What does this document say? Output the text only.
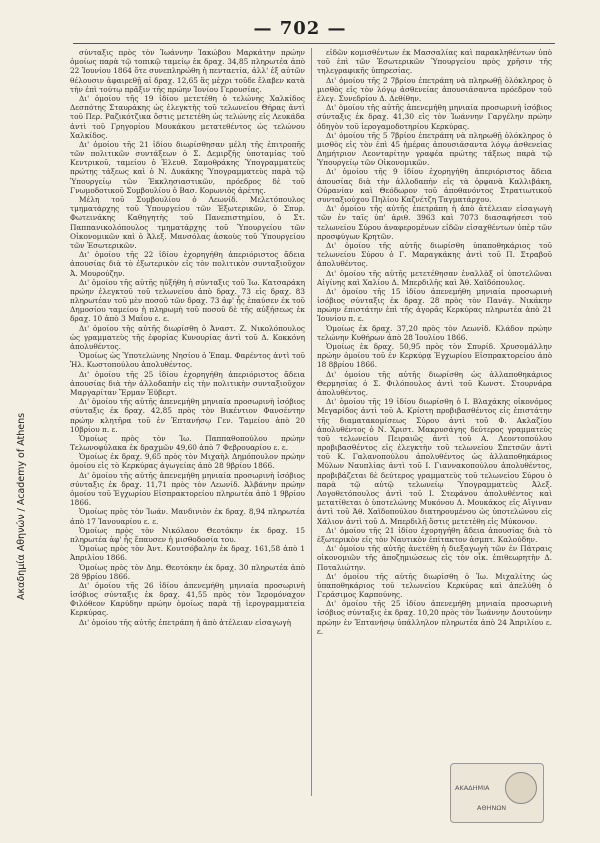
Ακαδημία Αθηνών / Academy of Athens
— 702 —

σύνταξις πρὸς τὸν Ἰωάννην Ἰακώβου Μαρκάτην πρώην ὁμοίως παρὰ τῷ τοπικῷ ταμείῳ ἐκ δραχ. 34,85 πληρωτέα ἀπὸ 22 Ἰουνίου 1864 ὅτε συνεπληρώθη ἡ πενταετία, ἀλλ' ἐξ αὐτῶν θέλουσιν ἀφαιρεθῇ αἱ δραχ. 12,65 ἃς μέχρι τοῦδε ἔλαβεν κατὰ τὴν ἐπὶ τούτῳ πρᾶξιν τῆς πρώην Ἰονίου Γερουσίας.

Δι' ὁμοίου τῆς 19 ἰδίου μετετέθη ὁ τελώνης Χαλκίδος Δεσπότης Σταυράκης ὡς ἐλεγκτὴς τοῦ τελωνείου Θήρας ἀντὶ τοῦ Περ. Ραζικότζικα ὅστις μετετέθη ὡς τελώνης εἰς Λευκάδα ἀντὶ τοῦ Γρηγορίου Μουκάκου μετατεθέντος ὡς τελώνου Χαλκίδος.

Δι' ὁμοίου τῆς 21 ἰδίου διωρίσθησαν μέλη τῆς ἐπιτροπῆς τῶν πολιτικῶν συντάξεων ὁ Σ. Δεμιρζῆς ὑποταμίας τοῦ Κεντρικοῦ, ταμείου ὁ Ἐλευθ. Σαμοθράκης Ὑπογραμματεὺς πρώτης τάξεως καὶ ὁ Ν. Δυκάκης Ὑπογραμματεὺς παρὰ τῷ Ὑπουργείῳ τῶν Ἐκκλησιαστικῶν, πρόεδρος δὲ τοῦ Γνωμοδοτικοῦ Συμβουλίου ὁ Βασ. Κορωνιὸς ἀρέτης.

Μέλη τοῦ Συμβουλίου ὁ Λεωνίδ. Μελετόπουλος τμηματάρχης τοῦ Ὑπουργείου τῶν Ἐξωτερικῶν, ὁ Σπυρ. Φωτεινάκης Καθηγητὴς τοῦ Πανεπιστημίου, ὁ Στ. Παππανικολόπουλος τμηματάρχης τοῦ Ὑπουργείου τῶν Οἰκονομικῶν καὶ ὁ Ἀλεξ. Μανσόλας ἀσκοὺς τοῦ Ὑπουργείου τῶν Ἐσωτερικῶν.

Δι' ὁμοίου τῆς 22 ἰδίου ἐχορηγήθη ἀπεριόριστος ἄδεια ἀπουσίας διὰ τὸ ἐξωτερικὸν εἰς τὸν πολιτικὸν συνταξιοῦχον Ἀ. Μουρούζην.

Δι' ὁμοίου τῆς αὐτῆς ηὐξήθη ἡ σύνταξις τοῦ Ἰω. Κατσαράκη πρώην ἐλεγκτοῦ τοῦ τελωνείου ἀπὸ δραχ. 73 εἰς δραχ. 83 πληρωτέαν τοῦ μὲν ποσοῦ τῶν δραχ. 73 ἀφ' ἧς ἐπαύσεν ἐκ τοῦ Δημοσίου ταμείου ἡ πληρωμὴ τοῦ ποσοῦ δὲ τῆς αὐξήσεως ἐκ δραχ. 10 ἀπὸ 3 Μαΐου ε. ε.

Δι' ὁμοίου τῆς αὐτῆς διωρίσθη ὁ Ἀναστ. Ζ. Νικολόπουλος ὡς γραμματεὺς τῆς ἐφορίας Κυνουρίας ἀντὶ τοῦ Δ. Κοκκόνη ἀπολυθέντος.

Ὁμοίως ὡς Ὑποτελώνης Νησίου ὁ Ἐπαμ. Φαρέντος ἀντὶ τοῦ Ἠλ. Κωστοπούλου ἀπολυθέντος.

Δι' ὁμοίου τῆς 25 ἰδίου ἐχορηγήθη ἀπεριόριστος ἄδεια ἀπουσίας διὰ τὴν ἀλλοδαπὴν εἰς τὴν πολιτικὴν συνταξιοῦχον Μαργαρίταν Ἔρμαν Ἐϋβερτ.

Δι' ὁμοίου τῆς αὐτῆς ἀπενεμήθη μηνιαία προσωρινὴ ἰσόβιος σύνταξις ἐκ δραχ. 42,85 πρὸς τὸν Βικέντιον Φανσέντην πρώην κλητῆρα τοῦ ἐν Ἐπτανήσῳ Γεν. Ταμείου ἀπὸ 20 10βρίου π. ε.

Ὁμοίως πρὸς τὸν Ἰω. Παππαθοπούλου πρώην Τελωνοφύλακα ἐκ δραχμῶν 49,60 ἀπὸ 7 Φεβρουαρίου ε. ε.

Ὁμοίως ἐκ δραχ. 9,65 πρὸς τὸν Μιχαὴλ Δημόπουλον πρώην ὁμοίου εἰς τὸ Κερκύρας ἀγωγείας ἀπὸ 28 9βρίου 1866.

Δι' ὁμοίου τῆς αὐτῆς ἀπενεμήθη μηνιαία προσωρινὴ ἰσόβιος σύνταξις ἐκ δραχ. 11,71 πρὸς τὸν Λεωνίδ. Ἀλβάνην πρώην ὁμοίου τοῦ Ἐγχωρίου Εἰσπρακτορείου πληρωτέα ἀπὸ 1 9βρίου 1866.

Ὁμοίως πρὸς τὸν Ἰωάν. Μανδινιὸν ἐκ δραχ. 8,94 πληρωτέα ἀπὸ 17 Ἰανουαρίου ε. ε.

Ὁμοίως πρὸς τὸν Νικόλαον Θεοτόκην ἐκ δραχ. 15 πληρωτέα ἀφ' ἧς ἔπαυσεν ἡ μισθοδοσία του.

Ὁμοίως πρὸς τὸν Ἀντ. Κουτσόβαλην ἐκ δραχ. 161,58 ἀπὸ 1 Ἀπριλίου 1866.

Ὁμοίως πρὸς τὸν Δημ. Θεοτόκην ἐκ δραχ. 30 πληρωτέα ἀπὸ 28 9βρίου 1866.

Δι' ὁμοίου τῆς 26 ἰδίου ἀπενεμήθη μηνιαία προσωρινὴ ἰσόβιος σύνταξις ἐκ δραχ. 41,55 πρὸς τὸν Ἱερομόναχον Φιλόθεον Καρύδην πρώην ὁμοίως παρὰ τῇ ἱερογραμματεία Κερκύρας.

Δι' ὁμοίου τῆς αὐτῆς ἐπετράπη ἡ ἀπὸ ἀτέλειαν εἰσαγωγὴ

εἰδῶν κομισθέντων ἐκ Μασσαλίας καὶ παρακληθέντων ὑπὸ τοῦ ἐπὶ τῶν Ἐσωτερικῶν Ὑπουργείου πρὸς χρῆσιν τῆς τηλεγραφικῆς ὑπηρεσίας.

Δι' ὁμοίου τῆς 2 7βρίου ἐπετράπη νὰ πληρωθῇ ὁλόκληρος ὁ μισθὸς εἰς τὸν λόγῳ ἀσθενείας ἀπουσιάσαντα πρόεδρον τοῦ ἐλεγ. Συνεδρίου Δ. Δεθίθην.

Δι' ὁμοίου τῆς αὐτῆς ἀπενεμήθη μηνιαία προσωρινὴ ἰσόβιος σύνταξις ἐκ δραχ. 41,30 εἰς τὸν Ἰωάννην Γαργέλην πρώην ὁδηγὸν τοῦ ἱερογαμοδοτηρίου Κερκύρας.

Δι' ὁμοίου τῆς 5 7βρίου ἐπετράπη νὰ πληρωθῇ ὁλόκληρος ὁ μισθὸς εἰς τὸν ἐπὶ 45 ἡμέρας ἀπουσιάσαντα λόγῳ ἀσθενείας Δημήτριον Λεονταρίτην γραφέα πρώτης τάξεως παρὰ τῷ Ὑπουργείῳ τῶν Οἰκονομικῶν.

Δι' ὁμοίου τῆς 9 ἰδίου ἐχορηγήθη ἀπεριόριστος ἄδεια ἀπουσίας διὰ τὴν ἀλλοδαπὴν εἰς τὰ ὀρφανὰ Καλλιβάκη, Οὐρανίαν καὶ Θεόδωρον τοῦ ἀποθανόντος Στρατιωτικοῦ συνταξιούχου Πηλίου Καζνέτζη Ταγματάρχου.

Δι' ὁμοίου τῆς αὐτῆς ἐπετράπη ἡ ἀπὸ ἀτέλειαν εἰσαγωγὴ τῶν ἐν ταῖς ὑπ' ἀριθ. 3963 καὶ 7073 διασαφήσεσι τοῦ τελωνείου Σύρου ἀναφερομένων εἰδῶν εἰσαχθέντων ὑπὲρ τῶν προσφύγων Κρητῶν.

Δι' ὁμοίου τῆς αὐτῆς διωρίσθη ὑπαποθηκάριος τοῦ τελωνείου Σύρου ὁ Γ. Μαραγκάκης ἀντὶ τοῦ Π. Στραβοῦ ἀπολυθέντος.

Δι' ὁμοίου τῆς αὐτῆς μετετέθησαν ἐναλλὰξ οἱ ὑποτελῶναι Αἰγίνης καὶ Χαλίου Δ. Μπερδιλῆς καὶ Ἀθ. Χαϊδόπουλος.

Δι' ὁμοίου τῆς 15 ἰδίου ἀπενεμήθη μηνιαία προσωρινὴ ἰσόβιος σύνταξις ἐκ δραχ. 28 πρὸς τὸν Πανάγ. Νικάκην πρώην ἐπιστάτην ἐπὶ τῆς ἀγορᾶς Κερκύρας πληρωτέα ἀπὸ 21 Ἰουνίου π. ε.

Ὁμοίως ἐκ δραχ. 37,20 πρὸς τὸν Λεωνίδ. Κλάδον πρώην τελώνην Κυθήρων ἀπὸ 28 Ἰουλίου 1866.

Ὁμοίως ἐκ δραχ. 50,95 πρὸς τὸν Σπυρίδ. Χρυσομάλλην πρώην ὁμοίου τοῦ ἐν Κερκύρᾳ Ἐγχωρίου Εἰσπρακτορείου ἀπὸ 18 8βρίου 1866.

Δι' ὁμοίου τῆς αὐτῆς διωρίσθη ὡς ἀλλαποθηκάριος Θερμησίας ὁ Σ. Φιλόπουλος ἀντὶ τοῦ Κωνστ. Στουρνάρα ἀπολυθέντος.

Δι' ὁμοίου τῆς 19 ἰδίου διωρίσθη ὁ Ι. Βλαχάκης οἰκονόμος Μεγαρίδος ἀντὶ τοῦ Α. Κρίστη προβιβασθέντος εἰς ἐπιστάτην τῆς διαματακομίσεως Σύρου ἀντὶ τοῦ Φ. Ακλαζίου ἀπολυθέντος ὁ Ν. Χριστ. Μακρυσάγης δεύτερος γραμματεὺς τοῦ τελωνείου Πειραιῶς ἀντὶ τοῦ Α. Λεοντοπούλου προβιβασθέντος εἰς ἐλεγκτὴν τοῦ τελωνείου Σπετσῶν ἀντὶ τοῦ Κ. Γαλανοπούλου ἀπολυθέντος ὡς ἀλλαποθηκάριος Μύλων Ναυπλίας ἀντὶ τοῦ Ι. Γιαννακοπούλου ἀπολυθέντος, προβιβάζεται δὲ δεύτερος γραμματεὺς τοῦ τελωνείου Σύρου ὁ παρὰ τῷ αὐτῷ τελωνείῳ Ὑπογραμματεὺς Ἀλεξ. Λογοθετόπουλος ἀντὶ τοῦ Ι. Στεφάνου ἀπολυθέντος καὶ μετατίθεται ὁ ὑποτελώνης Μυκόνου Δ. Μουκάκος εἰς Αἴγιναν ἀντὶ τοῦ Ἀθ. Χαϊδοπούλου διατηρουμένου ὡς ὑποτελώνου εἰς Χάλιον ἀντὶ τοῦ Δ. Μπερδιλῆ ὅστις μετετέθη εἰς Μύκονον.

Δι' ὁμοίου τῆς 21 ἰδίου ἐχορηγήθη ἄδεια ἀπουσίας διὰ τὸ ἐξωτερικὸν εἰς τὸν Ναυτικὸν ἐπίτακτον ἀσμπτ. Καλούδην.

Δι' ὁμοίου τῆς αὐτῆς ἀνετέθη ἡ διεξαγωγὴ τῶν ἐν Πάτραις οἰκονομιῶν τῆς ἀποζημιώσεως εἰς τὸν οἶκ. ἐπιθεωρητὴν Δ. Ποταλιώτην.

Δι' ὁμοίου τῆς αὐτῆς διωρίσθη ὁ Ἰω. Μιχαλίτης ὡς ὑπαποθηκάριος τοῦ τελωνείου Κερκύρας καὶ ἀπελύθη ὁ Γεράσιμος Καρπούνης.

Δι' ὁμοίου τῆς 25 ἰδίου ἀπενεμήθη μηνιαία προσωρινὴ ἰσόβιος σύνταξις ἐκ δραχ. 10,20 πρὸς τὸν Ἰωάννην Δουτούνην πρώην ἐν Ἐπτανήσῳ ὑπάλληλον πληρωτέα ἀπὸ 24 Ἀπριλίου ε. ε.

ΑΚΑΔΗΜΙΑ
ΑΘΗΝΩΝ
